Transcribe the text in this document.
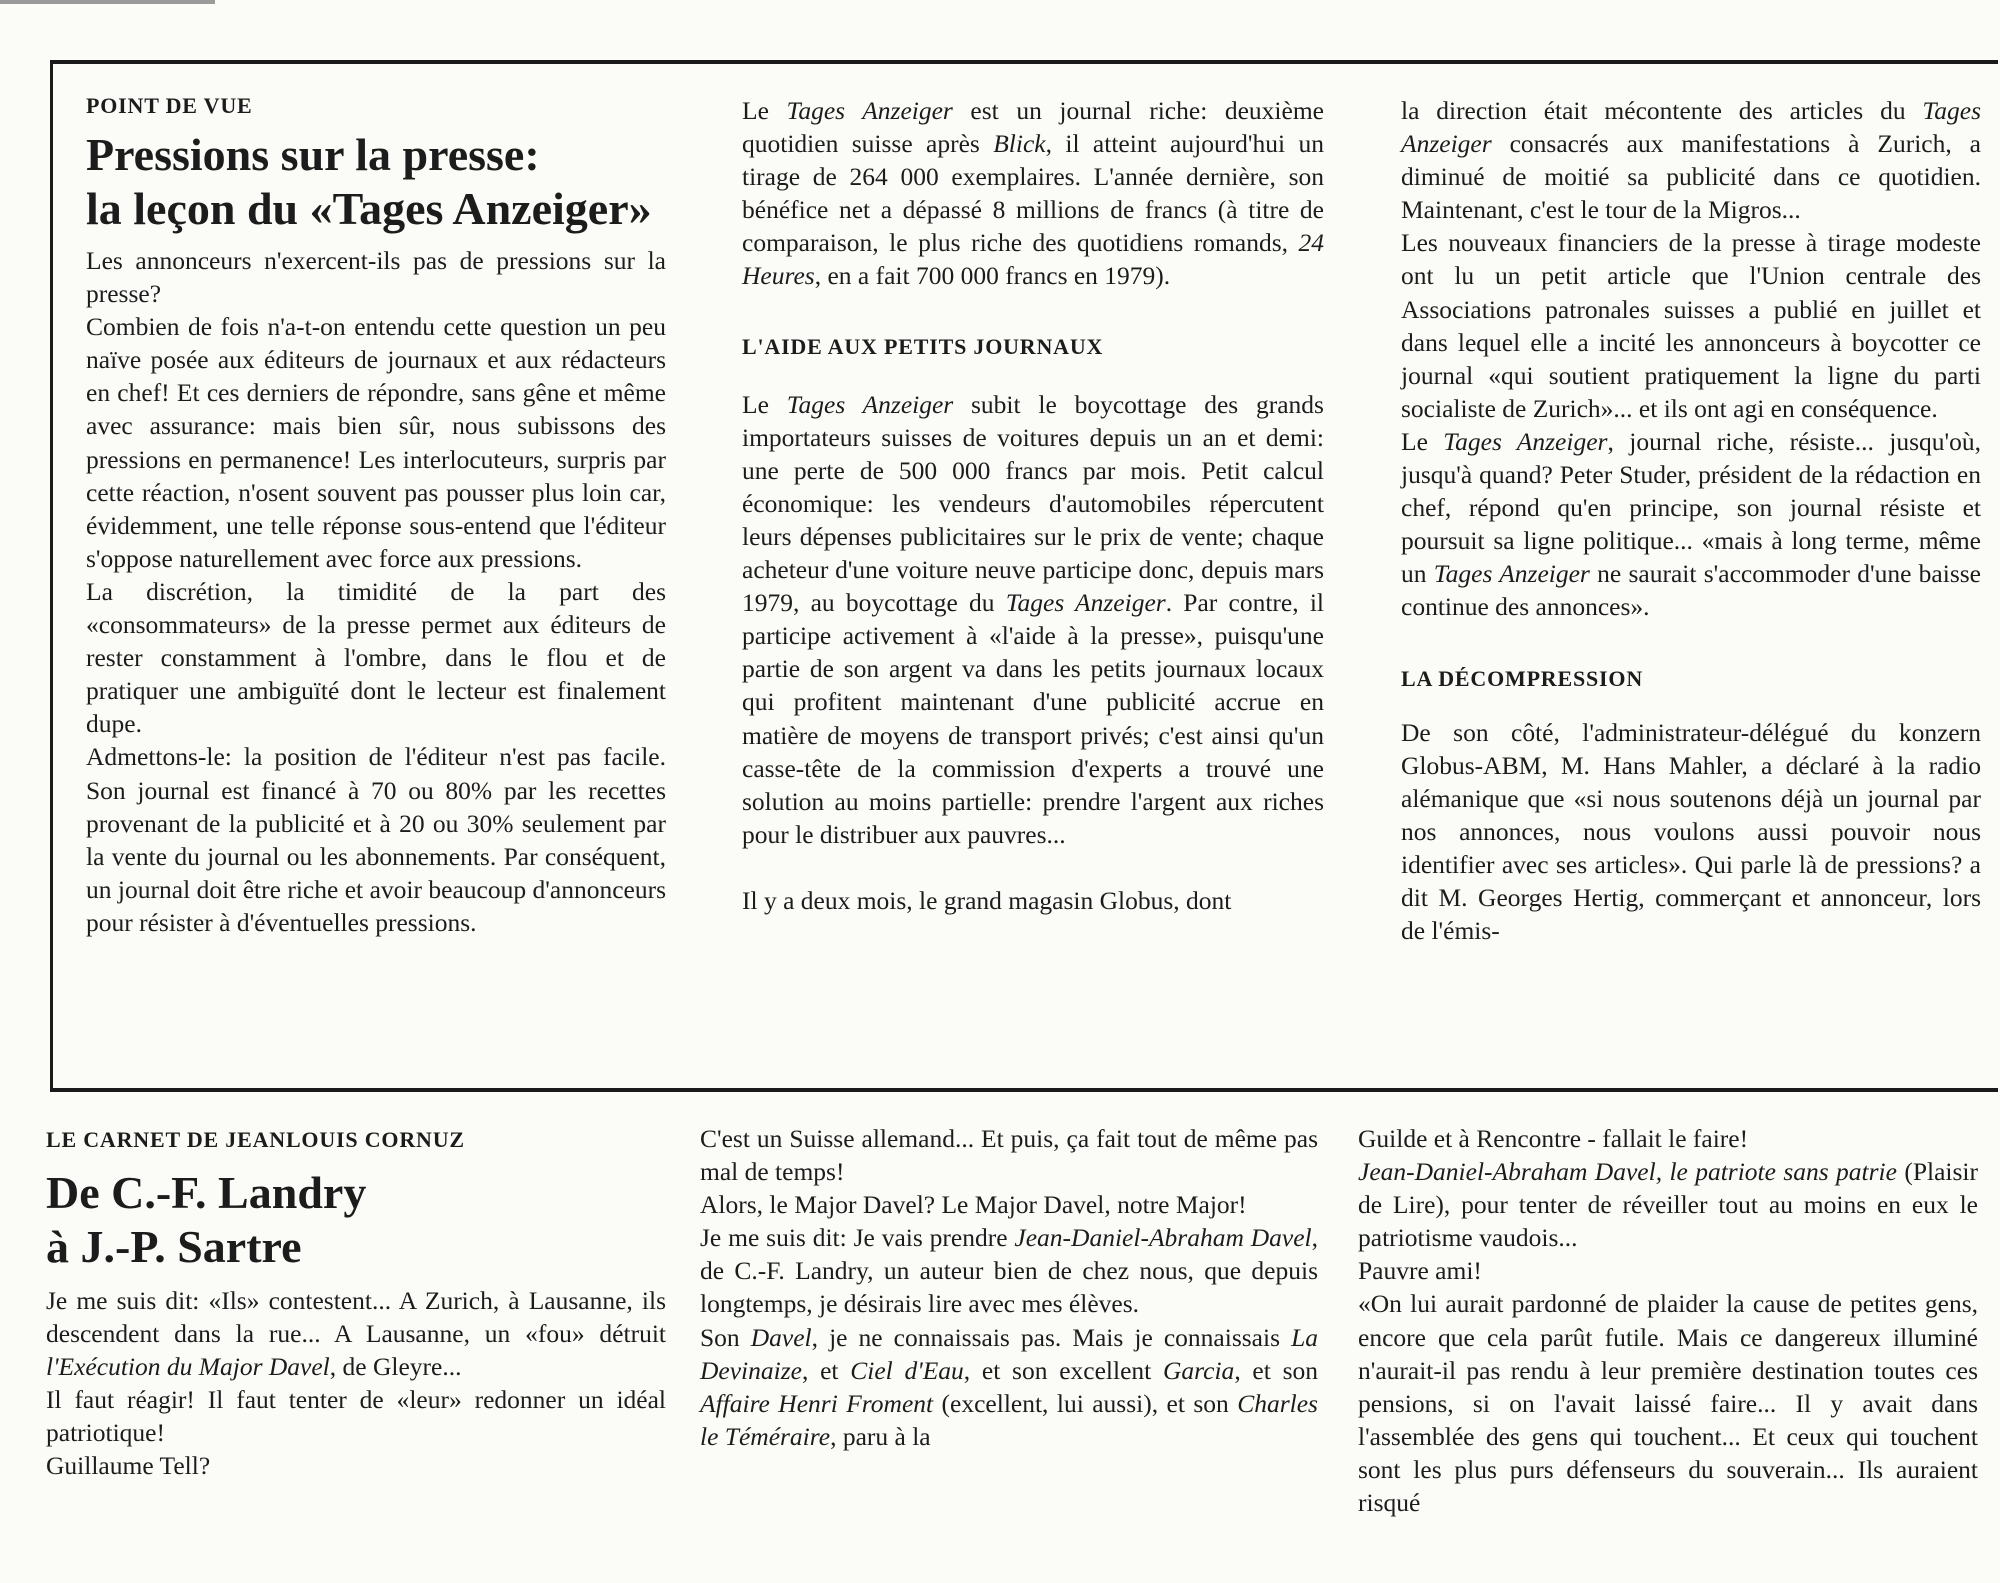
POINT DE VUE

Pressions sur la presse:
la leçon du «Tages Anzeiger»

Les annonceurs n'exercent-ils pas de pressions sur la presse?

Combien de fois n'a-t-on entendu cette question un peu naïve posée aux éditeurs de journaux et aux rédacteurs en chef! Et ces derniers de répondre, sans gêne et même avec assurance: mais bien sûr, nous subissons des pressions en permanence! Les interlocuteurs, surpris par cette réaction, n'osent souvent pas pousser plus loin car, évidemment, une telle réponse sous-entend que l'éditeur s'oppose naturellement avec force aux pressions.

La discrétion, la timidité de la part des «consommateurs» de la presse permet aux éditeurs de rester constamment à l'ombre, dans le flou et de pratiquer une ambiguïté dont le lecteur est finalement dupe.

Admettons-le: la position de l'éditeur n'est pas facile. Son journal est financé à 70 ou 80% par les recettes provenant de la publicité et à 20 ou 30% seulement par la vente du journal ou les abonnements. Par conséquent, un journal doit être riche et avoir beaucoup d'annonceurs pour résister à d'éventuelles pressions.

Le Tages Anzeiger est un journal riche: deuxième quotidien suisse après Blick, il atteint aujourd'hui un tirage de 264 000 exemplaires. L'année dernière, son bénéfice net a dépassé 8 millions de francs (à titre de comparaison, le plus riche des quotidiens romands, 24 Heures, en a fait 700 000 francs en 1979).

L'AIDE AUX PETITS JOURNAUX

Le Tages Anzeiger subit le boycottage des grands importateurs suisses de voitures depuis un an et demi: une perte de 500 000 francs par mois. Petit calcul économique: les vendeurs d'automobiles répercutent leurs dépenses publicitaires sur le prix de vente; chaque acheteur d'une voiture neuve participe donc, depuis mars 1979, au boycottage du Tages Anzeiger. Par contre, il participe activement à «l'aide à la presse», puisqu'une partie de son argent va dans les petits journaux locaux qui profitent maintenant d'une publicité accrue en matière de moyens de transport privés; c'est ainsi qu'un casse-tête de la commission d'experts a trouvé une solution au moins partielle: prendre l'argent aux riches pour le distribuer aux pauvres...

Il y a deux mois, le grand magasin Globus, dont

la direction était mécontente des articles du Tages Anzeiger consacrés aux manifestations à Zurich, a diminué de moitié sa publicité dans ce quotidien. Maintenant, c'est le tour de la Migros...

Les nouveaux financiers de la presse à tirage modeste ont lu un petit article que l'Union centrale des Associations patronales suisses a publié en juillet et dans lequel elle a incité les annonceurs à boycotter ce journal «qui soutient pratiquement la ligne du parti socialiste de Zurich»... et ils ont agi en conséquence.

Le Tages Anzeiger, journal riche, résiste... jusqu'où, jusqu'à quand? Peter Studer, président de la rédaction en chef, répond qu'en principe, son journal résiste et poursuit sa ligne politique... «mais à long terme, même un Tages Anzeiger ne saurait s'accommoder d'une baisse continue des annonces».

LA DÉCOMPRESSION

De son côté, l'administrateur-délégué du konzern Globus-ABM, M. Hans Mahler, a déclaré à la radio alémanique que «si nous soutenons déjà un journal par nos annonces, nous voulons aussi pouvoir nous identifier avec ses articles». Qui parle là de pressions? a dit M. Georges Hertig, commerçant et annonceur, lors de l'émis-

LE CARNET DE JEANLOUIS CORNUZ

De C.-F. Landry
à J.-P. Sartre

Je me suis dit: «Ils» contestent... A Zurich, à Lausanne, ils descendent dans la rue... A Lausanne, un «fou» détruit l'Exécution du Major Davel, de Gleyre...

Il faut réagir! Il faut tenter de «leur» redonner un idéal patriotique!

Guillaume Tell?

C'est un Suisse allemand... Et puis, ça fait tout de même pas mal de temps!

Alors, le Major Davel? Le Major Davel, notre Major!

Je me suis dit: Je vais prendre Jean-Daniel-Abraham Davel, de C.-F. Landry, un auteur bien de chez nous, que depuis longtemps, je désirais lire avec mes élèves.

Son Davel, je ne connaissais pas. Mais je connaissais La Devinaize, et Ciel d'Eau, et son excellent Garcia, et son Affaire Henri Froment (excellent, lui aussi), et son Charles le Téméraire, paru à la

Guilde et à Rencontre - fallait le faire!

Jean-Daniel-Abraham Davel, le patriote sans patrie (Plaisir de Lire), pour tenter de réveiller tout au moins en eux le patriotisme vaudois...

Pauvre ami!

«On lui aurait pardonné de plaider la cause de petites gens, encore que cela parût futile. Mais ce dangereux illuminé n'aurait-il pas rendu à leur première destination toutes ces pensions, si on l'avait laissé faire... Il y avait dans l'assemblée des gens qui touchent... Et ceux qui touchent sont les plus purs défenseurs du souverain... Ils auraient risqué
